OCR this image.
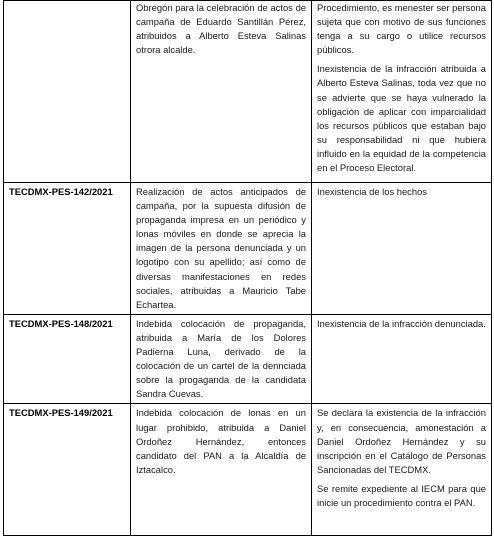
	Obregón para la celebración de actos de campaña de Eduardo Santillán Pérez, atribuidos a Alberto Esteva Salinas otrora alcalde.	Procedimiento, es menester ser persona sujeta que con motivo de sus funciones tenga a su cargo o utilice recursos públicos.

Inexistencia de la infracción atribuida a Alberto Esteva Salinas, toda vez que no se advierte que se haya vulnerado la obligación de aplicar con imparcialidad los recursos públicos que estaban bajo su responsabilidad ni que hubiera influido en la equidad de la competencia en el Proceso Electoral.

TECDMX-PES-142/2021	Realización de actos anticipados de campaña, por la supuesta difusión de propaganda impresa en un periódico y lonas móviles en donde se aprecia la imagen de la persona denunciada y un logotipo con su apellido; así como de diversas manifestaciones en redes sociales, atribuidas a Mauricio Tabe Echartea.	Inexistencia de los hechos

TECDMX-PES-148/2021	Indebida colocación de propaganda, atribuida a María de los Dolores Padierna Luna, derivado de la colocación de un cartel de la dennciada sobre la progaganda de la candidata Sandra Cuevas.	Inexistencia de la infracción denunciada.

TECDMX-PES-149/2021	Indebida colocación de lonas en un lugar prohibido, atribuida a Daniel Ordoñez Hernández, entonces candidato del PAN a la Alcaldía de Iztacalco.	Se declara la existencia de la infracción y, en consecuencia, amonestación a Daniel Ordoñez Hernández y su inscripción en el Catálogo de Personas Sancionadas del TECDMX.

Se remite expediente al IECM para que inicie un procedimiento contra el PAN.
